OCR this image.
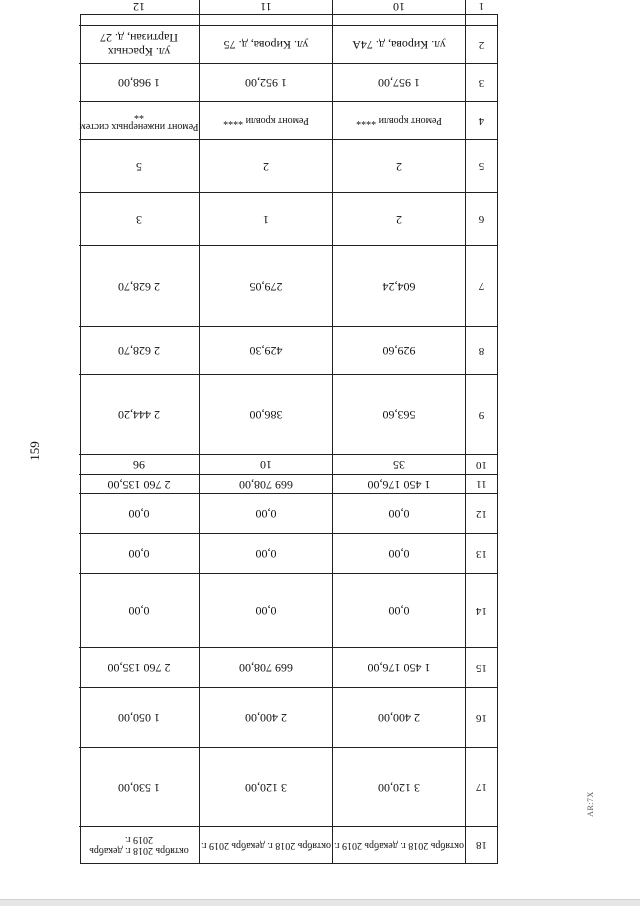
159
18
октябрь 2018 г. декабрь 2019 г.
октябрь 2018 г. декабрь 2019 г.
октябрь 2018 г. декабрь 2019 г.
17
3 120,00
3 120,00
1 530,00
16
2 400,00
2 400,00
1 050,00
15
1 450 176,00
669 708,00
2 760 135,00
14
0,00
0,00
0,00
13
0,00
0,00
0,00
12
0,00
0,00
0,00
11
1 450 176,00
669 708,00
2 760 135,00
10
35
10
96
9
563,60
386,00
2 444,20
8
929,60
429,30
2 628,70
7
604,24
279,05
2 628,70
6
2
1
3
5
2
2
5
4
Ремонт кровли ****
Ремонт кровли ****
Ремонт инженерных систем **
3
1 957,00
1 952,00
1 968,00
2
ул. Кирова, д. 74А
ул. Кирова, д. 75
ул. Красных Партизан, д. 27
1
10
11
12
AR:7X
